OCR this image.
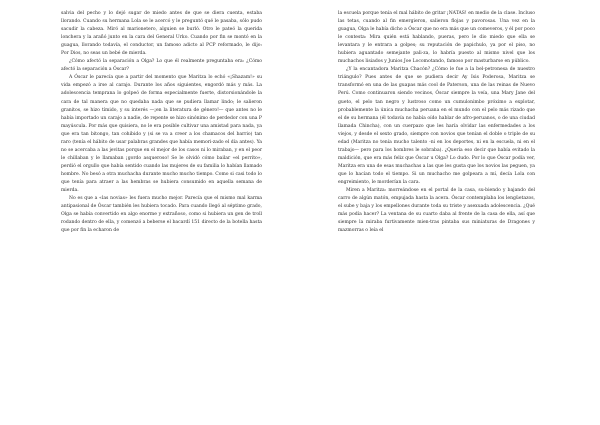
salvia del pecho y lo dejó sugar de miedo antes de que se diera cuenta, estaba llorando. Cuando su hermana Lola se le acercó y le preguntó qué le pasaba, sólo pudo sacudir la cabeza. Miró al marionetero, alguien se burló. Otro le pateó la querida lonchera y la arañó junto en la cara del General Urko. Cuando por fin se montó en la guagua, llorando todavía, el conductor, un famoso adicto al PCP reformado, le dijo: Por Dios, no seas un bebé de mierda.

¿Cómo afectó la separación a Olga? Lo que él realmente preguntaba era: ¿Cómo afectó la separación a Óscar?

A Óscar le parecía que a partir del momento que Maritza lo echó «¡Shazam!» su vida empezó a irse al carajo. Durante los años siguientes, engordó más y más. La adolescencia temprana lo golpeó de forma especialmente fuerte, distorsionándole la cara de tal manera que no quedaba nada que se pudiera llamar lindo; le salieron granitos, se hizo tímido, y su interés —¡en la literatura de género!— que antes no le había importado un carajo a nadie, de repente se hizo sinónimo de perdedor con una P mayúscula. Por más que quisiera, no le era posible cultivar una amistad para nada, ya que era tan bitongo, tan cohibido y (si se va a creer a los chamacos del barrio) tan raro (tenía el hábito de usar palabras grandes que había memori-zado el día antes). Ya no se acercaba a las jevitas porque en el mejor de los casos ni lo miraban, y en el peor le chillaban y le llamaban ¡gordo asqueroso! Se le olvidó cómo bailar «el perrito», perdió el orgullo que había sentido cuando las mujeres de su familia lo habían llamado hombre. No besó a otra muchacha durante mucho mucho tiempo. Como si casi todo lo que tenía para atraer a las hembras se hubiera consumido en aquella semana de mierda.

No es que a «las novias» les fuera mucho mejor. Parecía que el mismo mal karma antipasional de Óscar también les hubiera tocado. Para cuando llegó al séptimo grado, Olga se había convertido en algo enorme y extrañoso, como si hubiera un gen de troll rodando dentro de ella, y comenzó a beberse el bacardí 151 directo de la botella hasta que por fin la echaron de

la escuela porque tenía el mal hábito de gritar ¡NATAS! en medio de la clase. Incluso las tetas, cuando al fin emergieron, salieron flojas y pavorosas. Una vez en la guagua, Olga le había dicho a Óscar que no era más que un comeveros, y él por poco le contesta: Mira quién está hablando, pueras, pero le dio miedo que ella se levantara y le entrara a golpes; su reputación de papichulo, ya por el piso, no hubiera aguantado semejante pali-za, lo habría puesto al mismo nivel que los muchachos lisiados y Junios Joe Locomotando, famoso por masturbarse en público.

¿Y la encantadora Maritza Chacón? ¿Cómo le fue a la bel-petronesa de nuestro triángulo? Pues antes de que se pudiera decir Ay Isis Poderosa, Maritza se transformó en una de las guapas más cool de Paterson, una de las reinas de Nuevo Perú. Como continuaron siendo vecinos, Óscar siempre la veía, una Mary Jane del gueto, el pelo tan negro y lustroso como un cumulonimbo próximo a explotar, probablemente la única muchacha peruana en el mundo con el pelo más rizado que el de su hermana (él todavía no había oído hablar de afro-peruanos, o de una ciudad llamada Chincha), con un cuerpazo que les haría olvidar las enfermedades a los viejos, y desde el sexto grado, siempre con novios que tenían el doble o triple de su edad (Maritza no tenía mucho talento -ni en los deportes, ni en la escuela, ni en el trabajo— pero para los hombres le sobraba). ¿Quería eso decir que había evitado la maldición, que era más feliz que Óscar u Olga? Lo dudo. Por lo que Óscar podía ver, Maritza era una de esas muchachas a las que les gusta que los novios las peguen, ya que lo hacían todo el tiempo. Si un muchacho me golpeara a mí, decía Lola con engreimiento, le morderían la cara.

Miren a Maritza: morreándose en el portal de la casa, su-biendo y bajando del carro de algún matón, empujada hasta la acera. Óscar contemplaba los lengüetazos, el sube y baja y los empellones durante toda su triste y asexuada adolescencia. ¿Qué más podía hacer? La ventana de su cuarto daba al frente de la casa de ella, así que siempre la miraba furtivamente mien-tras pintaba sus miniaturas de Dragones y mazmorras o leía el
